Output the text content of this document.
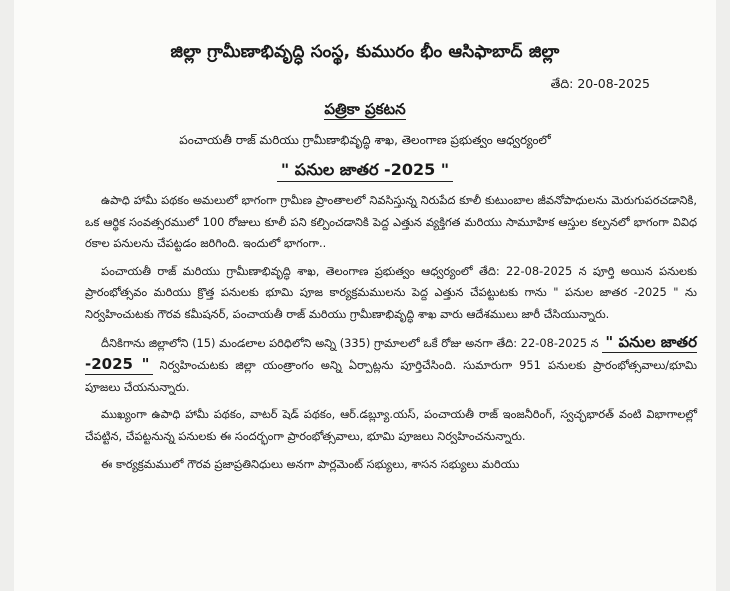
జిల్లా గ్రామీణాభివృద్ధి సంస్థ, కుమురం భీం ఆసిఫాబాద్ జిల్లా
తేది: 20-08-2025
పత్రికా ప్రకటన
పంచాయతీ రాజ్ మరియు గ్రామీణాభివృద్ధి శాఖ, తెలంగాణ ప్రభుత్వం ఆధ్వర్యంలో
" పనుల జాతర -2025 "

ఉపాధి హామీ పథకం అమలులో భాగంగా గ్రామీణ ప్రాంతాలలో నివసిస్తున్న నిరుపేద కూలీ కుటుంబాల జీవనోపాధులను మెరుగుపరచడానికి, ఒక ఆర్థిక సంవత్సరములో 100 రోజులు కూలీ పని కల్పించడానికి పెద్ద ఎత్తున వ్యక్తిగత మరియు సామూహిక ఆస్తుల కల్పనలో భాగంగా వివిధ రకాల పనులను చేపట్టడం జరిగింది. ఇందులో భాగంగా..

పంచాయతీ రాజ్ మరియు గ్రామీణాభివృద్ధి శాఖ, తెలంగాణ ప్రభుత్వం ఆధ్వర్యంలో తేది: 22-08-2025 న పూర్తి అయిన పనులకు ప్రారంభోత్సవం మరియు క్రొత్త పనులకు భూమి పూజ కార్యక్రమములను పెద్ద ఎత్తున చేపట్టుటకు గాను " పనుల జాతర -2025 " ను నిర్వహించుటకు గౌరవ కమీషనర్, పంచాయతీ రాజ్ మరియు గ్రామీణాభివృద్ధి శాఖ వారు ఆదేశములు జారీ చేసియున్నారు.

దీనికిగాను జిల్లాలోని (15) మండలాల పరిధిలోని అన్ని (335) గ్రామాలలో ఒకే రోజు అనగా తేది: 22-08-2025 న " పనుల జాతర -2025 " నిర్వహించుటకు జిల్లా యంత్రాంగం అన్ని ఏర్పాట్లను పూర్తిచేసింది. సుమారుగా 951 పనులకు ప్రారంభోత్సవాలు/భూమి పూజలు చేయనున్నారు.

ముఖ్యంగా ఉపాధి హామీ పథకం, వాటర్ షెడ్ పథకం, ఆర్.డబ్ల్యూ.యస్, పంచాయతీ రాజ్ ఇంజనీరింగ్, స్వచ్ఛభారత్ వంటి విభాగాలల్లో చేపట్టిన, చేపట్టనున్న పనులకు ఈ సందర్భంగా ప్రారంభోత్సవాలు, భూమి పూజలు నిర్వహించనున్నారు.

ఈ కార్యక్రమములో గౌరవ ప్రజాప్రతినిధులు అనగా పార్లమెంట్ సభ్యులు, శాసన సభ్యులు మరియు
